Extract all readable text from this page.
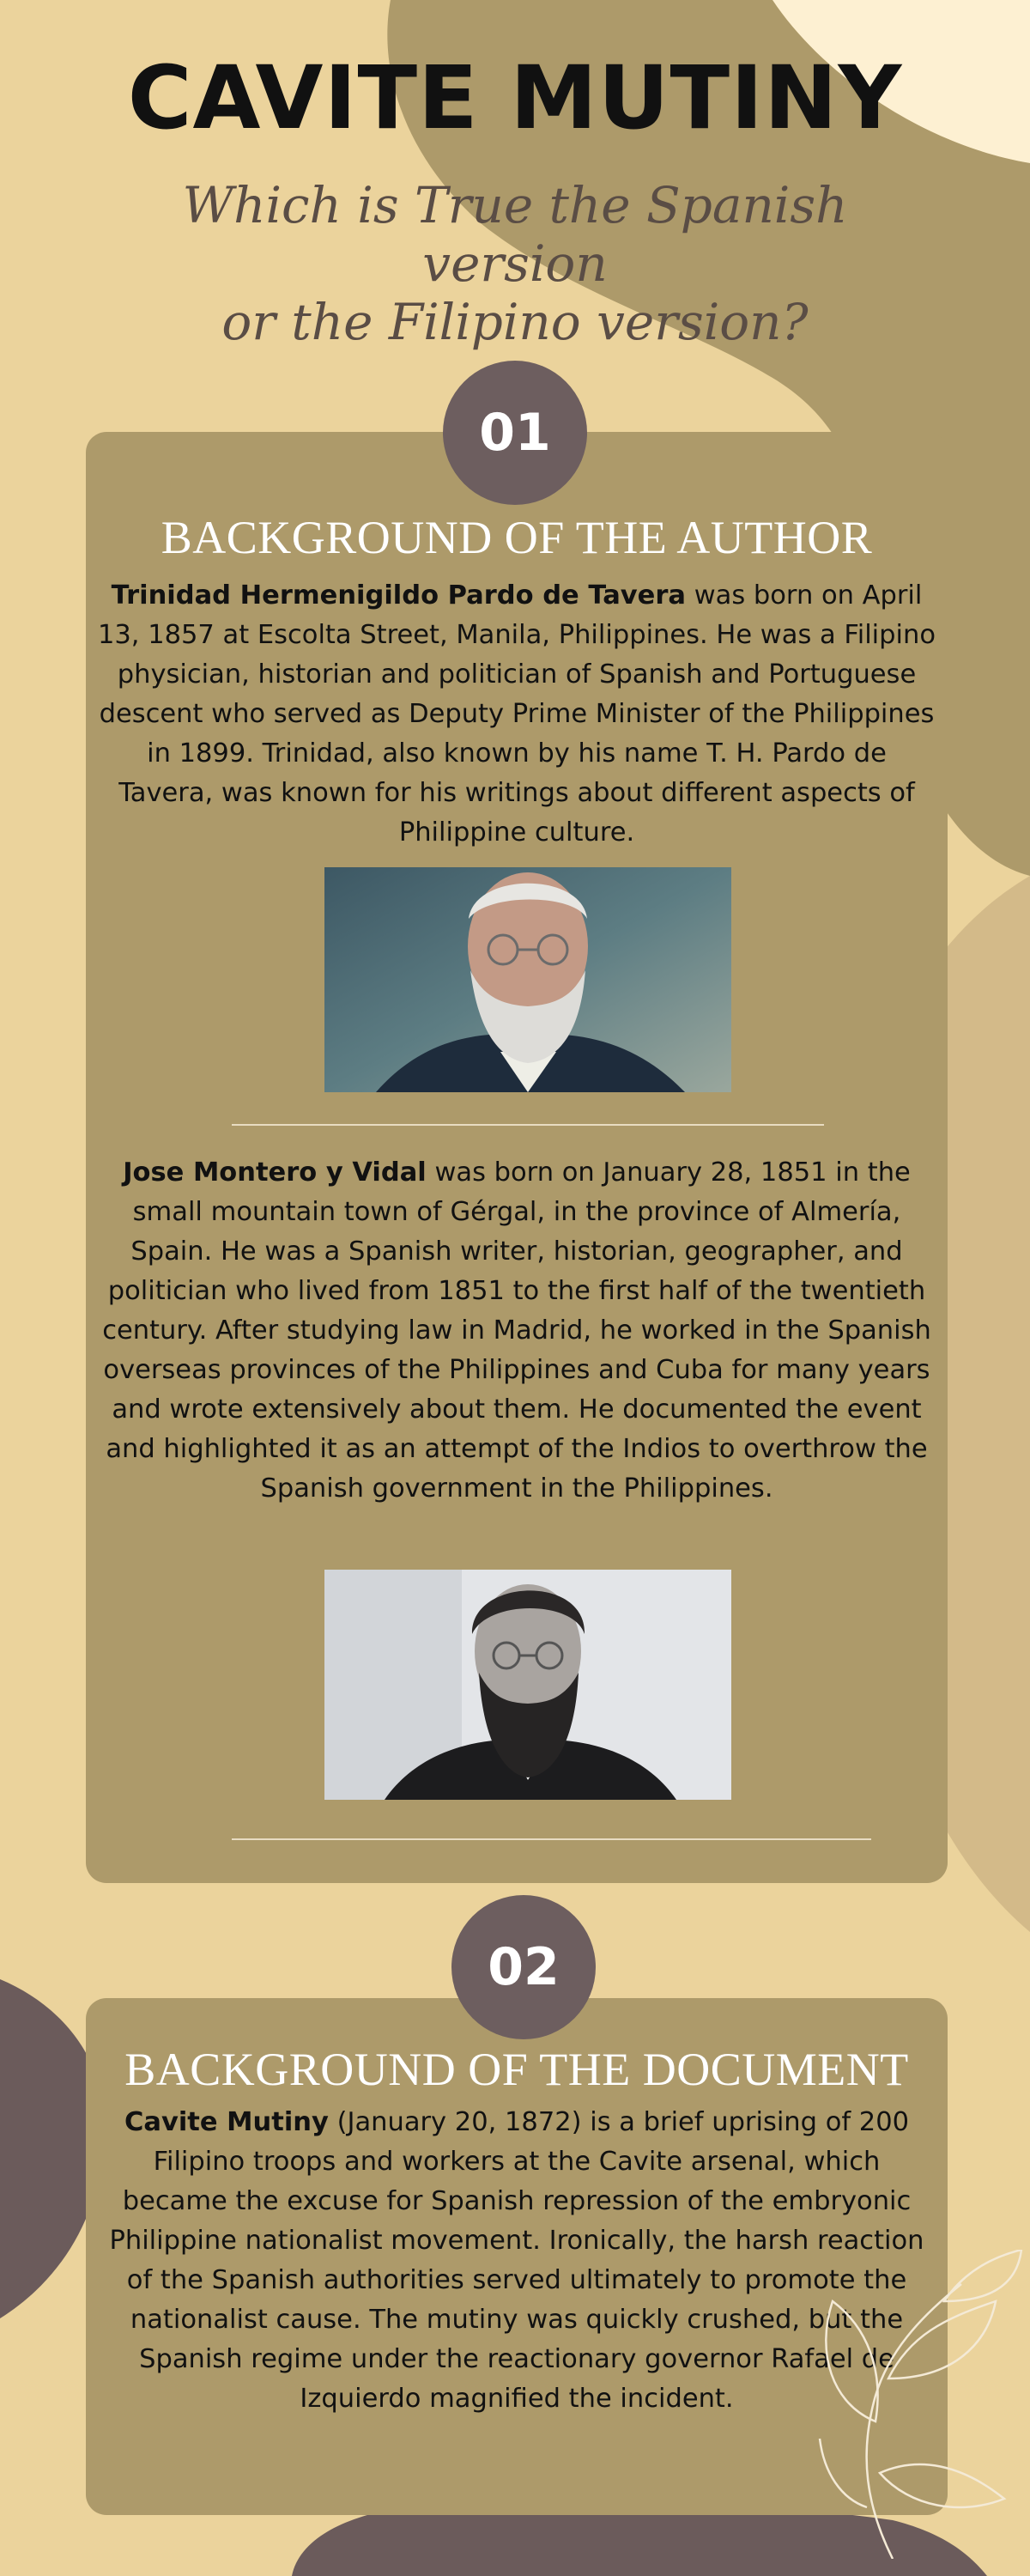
CAVITE MUTINY
Which is True the Spanish version
or the Filipino version?
01
BACKGROUND OF THE AUTHOR

Trinidad Hermenigildo Pardo de Tavera was born on April 13, 1857 at Escolta Street, Manila, Philippines. He was a Filipino physician, historian and politician of Spanish and Portuguese descent who served as Deputy Prime Minister of the Philippines in 1899. Trinidad, also known by his name T. H. Pardo de Tavera, was known for his writings about different aspects of Philippine culture.

Jose Montero y Vidal was born on January 28, 1851 in the small mountain town of Gérgal, in the province of Almería, Spain. He was a Spanish writer, historian, geographer, and politician who lived from 1851 to the first half of the twentieth century. After studying law in Madrid, he worked in the Spanish overseas provinces of the Philippines and Cuba for many years and wrote extensively about them. He documented the event and highlighted it as an attempt of the Indios to overthrow the Spanish government in the Philippines.

02
BACKGROUND OF THE DOCUMENT

Cavite Mutiny (January 20, 1872) is a brief uprising of 200 Filipino troops and workers at the Cavite arsenal, which became the excuse for Spanish repression of the embryonic Philippine nationalist movement. Ironically, the harsh reaction of the Spanish authorities served ultimately to promote the nationalist cause. The mutiny was quickly crushed, but the Spanish regime under the reactionary governor Rafael de Izquierdo magnified the incident.
